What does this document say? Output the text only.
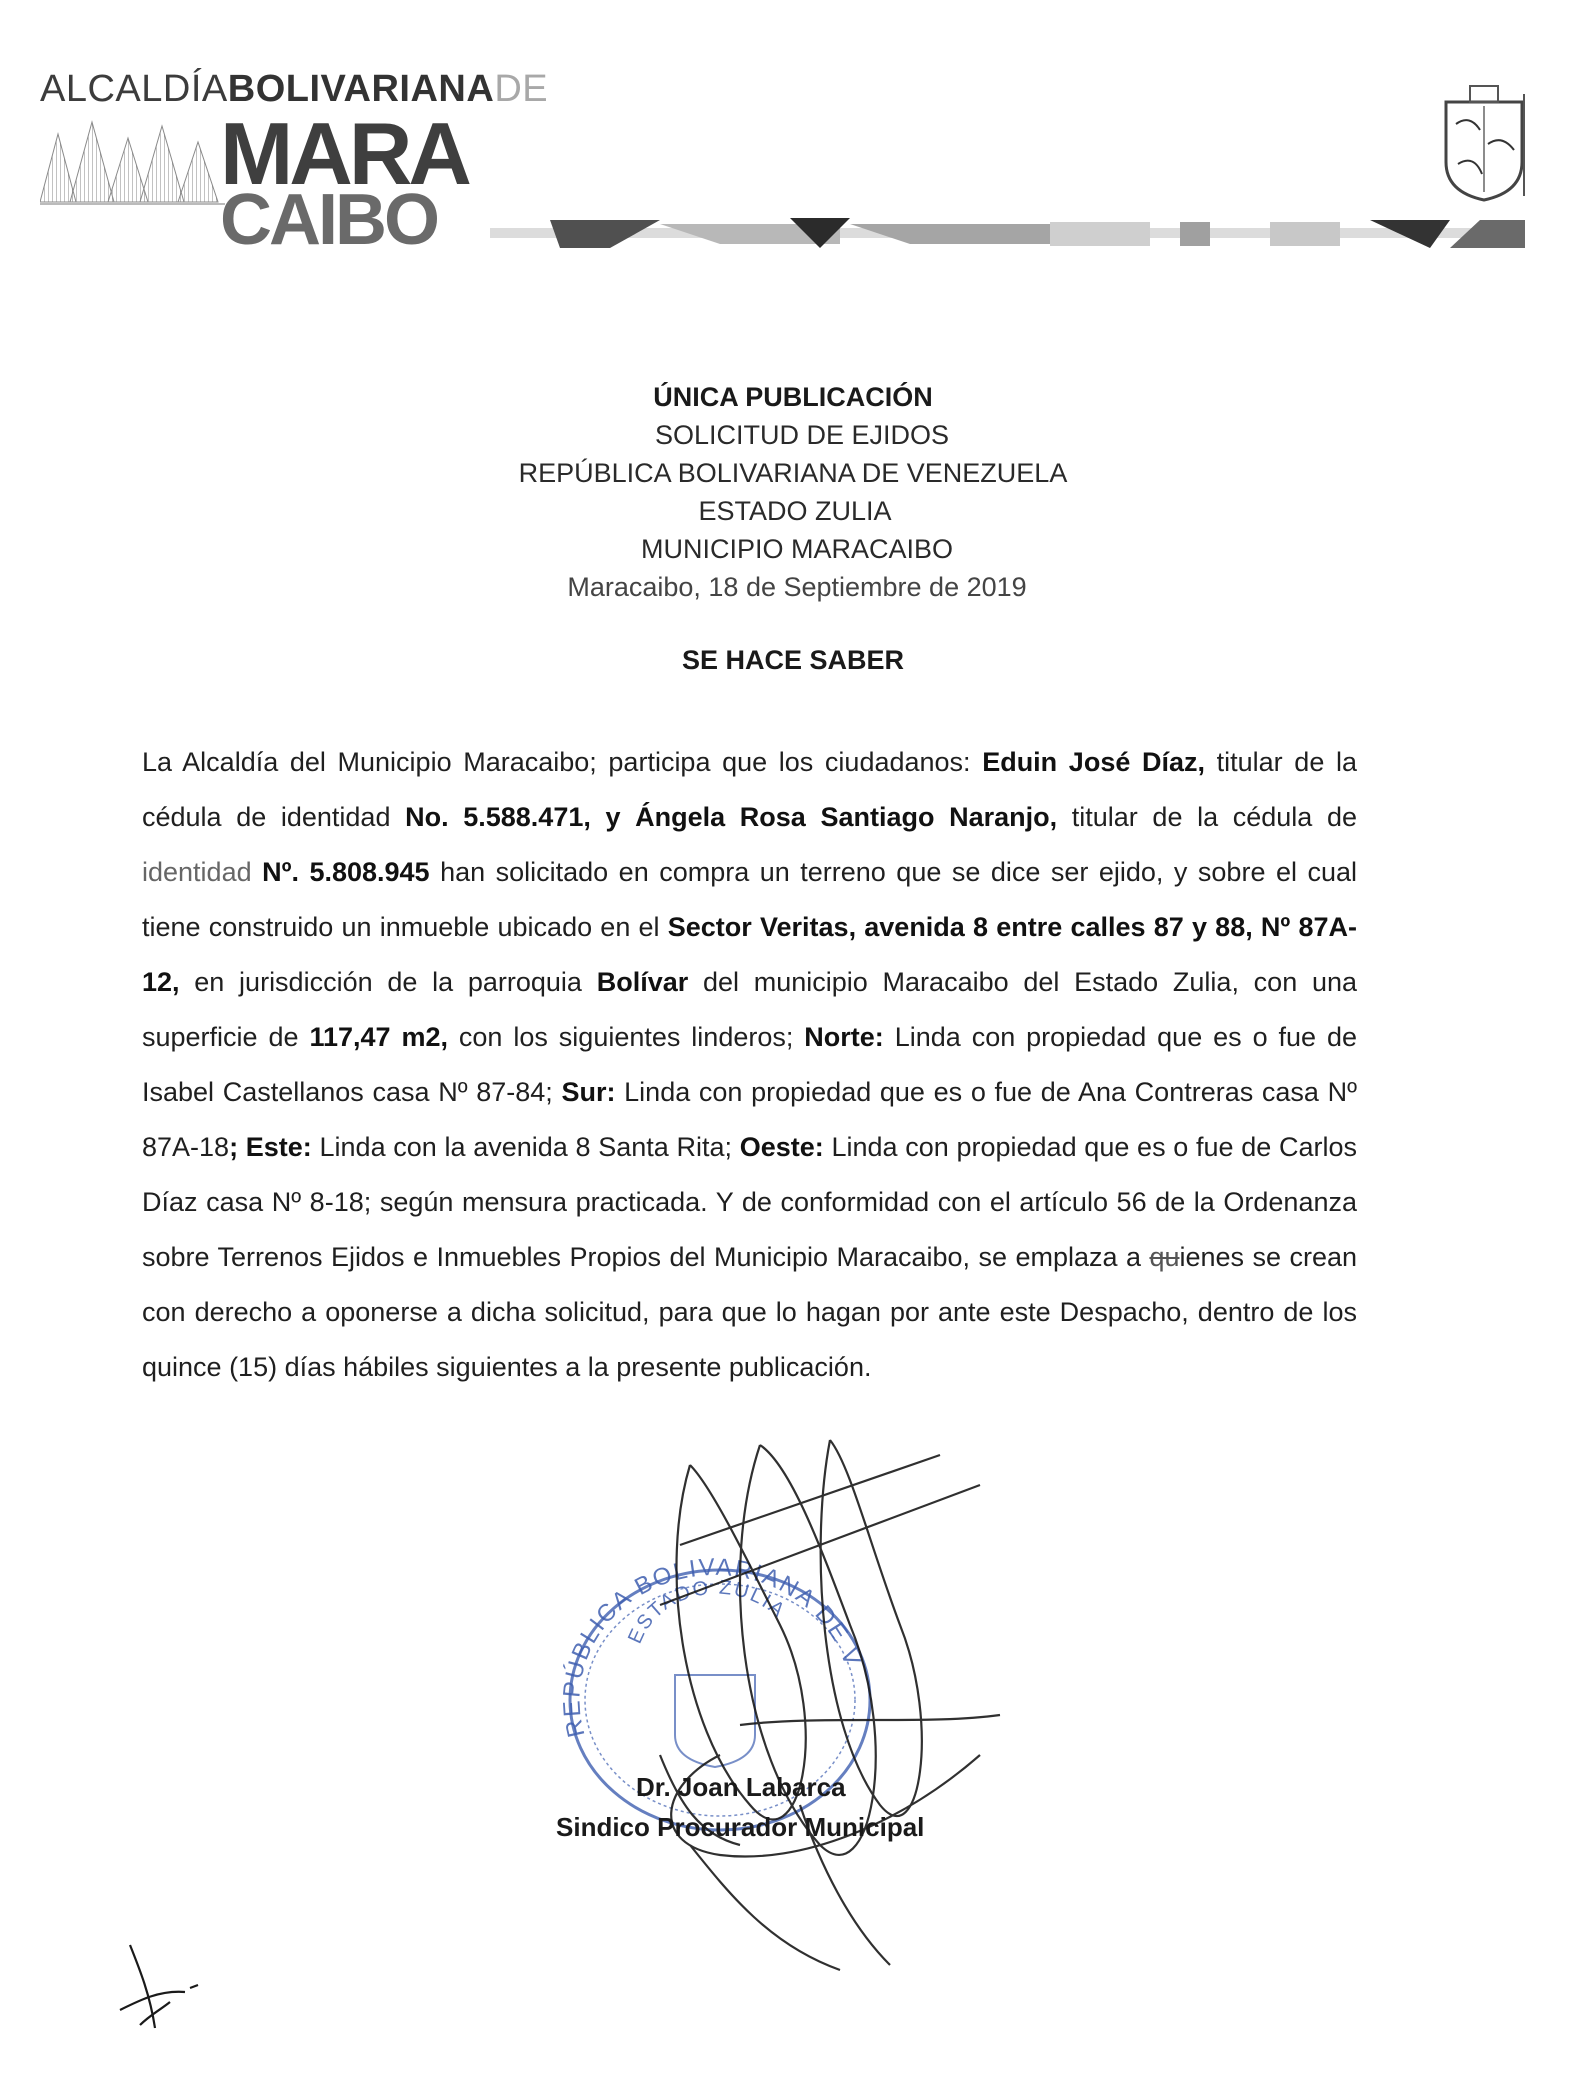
ALCALDÍABOLIVARIANADE
MARA
CAIBO
ÚNICA PUBLICACIÓN
SOLICITUD DE EJIDOS
REPÚBLICA BOLIVARIANA DE VENEZUELA
ESTADO ZULIA
MUNICIPIO MARACAIBO
Maracaibo, 18 de Septiembre de 2019
SE HACE SABER
La Alcaldía del Municipio Maracaibo; participa que los ciudadanos: Eduin José Díaz, titular de la cédula de identidad No. 5.588.471, y Ángela Rosa Santiago Naranjo, titular de la cédula de identidad Nº. 5.808.945 han solicitado en compra un terreno que se dice ser ejido, y sobre el cual tiene construido un inmueble ubicado en el Sector Veritas, avenida 8 entre calles 87 y 88, Nº 87A-12, en jurisdicción de la parroquia Bolívar del municipio Maracaibo del Estado Zulia, con una superficie de 117,47 m2, con los siguientes linderos; Norte: Linda con propiedad que es o fue de Isabel Castellanos casa Nº 87-84; Sur: Linda con propiedad que es o fue de Ana Contreras casa Nº 87A-18; Este: Linda con la avenida 8 Santa Rita; Oeste: Linda con propiedad que es o fue de Carlos Díaz casa Nº 8-18; según mensura practicada. Y de conformidad con el artículo 56 de la Ordenanza sobre Terrenos Ejidos e Inmuebles Propios del Municipio Maracaibo, se emplaza a quienes se crean con derecho a oponerse a dicha solicitud, para que lo hagan por ante este Despacho, dentro de los quince (15) días hábiles siguientes a la presente publicación.
REPÚBLICA BOLIVARIANA DE V
ESTADO ZULIA
Dr. Joan Labarca
Sindico Procurador Municipal
